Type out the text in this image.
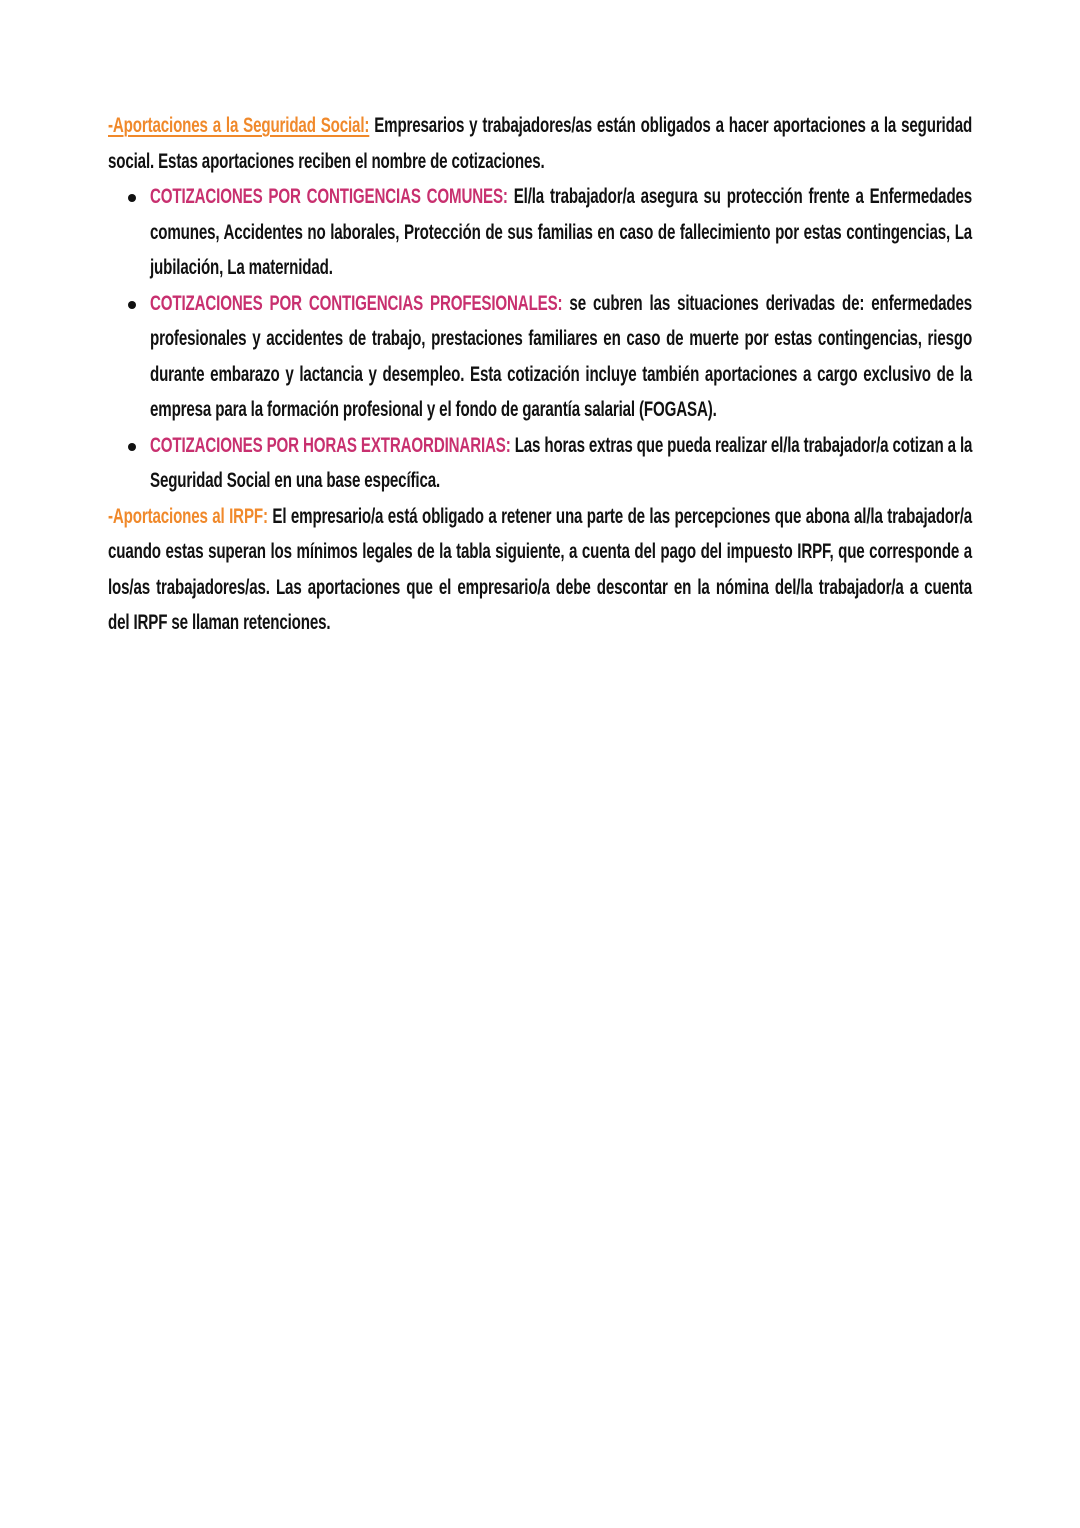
-Aportaciones a la Seguridad Social: Empresarios y trabajadores/as están obligados a hacer aportaciones a la seguridad
social. Estas aportaciones reciben el nombre de cotizaciones.
COTIZACIONES POR CONTIGENCIAS COMUNES: El/la trabajador/a asegura su protección frente a Enfermedades
comunes, Accidentes no laborales, Protección de sus familias en caso de fallecimiento por estas contingencias, La
jubilación, La maternidad.
COTIZACIONES POR CONTIGENCIAS PROFESIONALES: se cubren las situaciones derivadas de: enfermedades
profesionales y accidentes de trabajo, prestaciones familiares en caso de muerte por estas contingencias, riesgo
durante embarazo y lactancia y desempleo. Esta cotización incluye también aportaciones a cargo exclusivo de la
empresa para la formación profesional y el fondo de garantía salarial (FOGASA).
COTIZACIONES POR HORAS EXTRAORDINARIAS: Las horas extras que pueda realizar el/la trabajador/a cotizan a la
Seguridad Social en una base específica.
-Aportaciones al IRPF: El empresario/a está obligado a retener una parte de las percepciones que abona al/la trabajador/a
cuando estas superan los mínimos legales de la tabla siguiente, a cuenta del pago del impuesto IRPF, que corresponde a
los/as trabajadores/as. Las aportaciones que el empresario/a debe descontar en la nómina del/la trabajador/a a cuenta
del IRPF se llaman retenciones.
